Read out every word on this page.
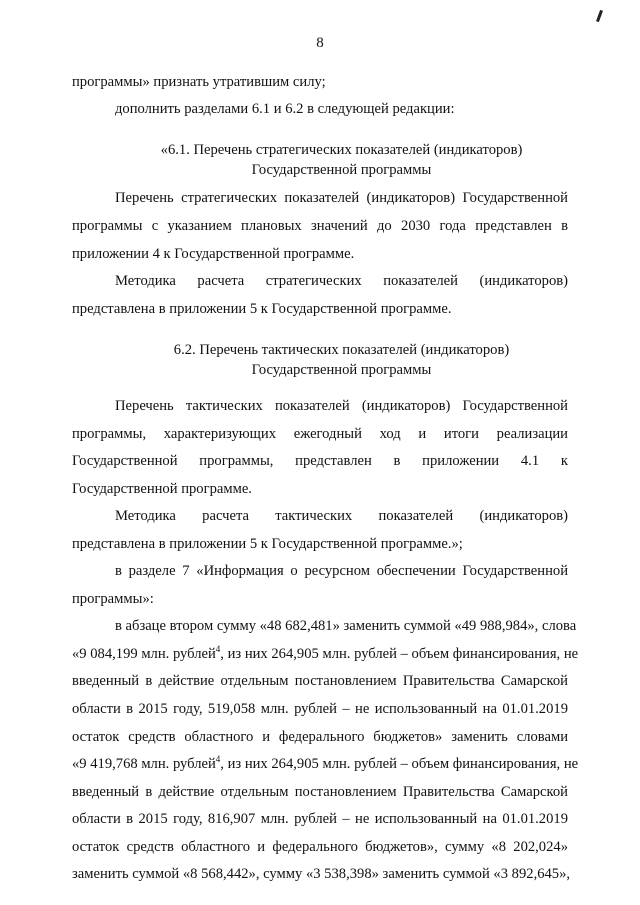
8
программы» признать утратившим силу;
дополнить разделами 6.1 и 6.2 в следующей редакции:
«6.1. Перечень стратегических показателей (индикаторов)
Государственной программы
Перечень стратегических показателей (индикаторов) Государственной
программы с указанием плановых значений до 2030 года представлен в
приложении 4 к Государственной программе.
Методика расчета стратегических показателей (индикаторов)
представлена в приложении 5 к Государственной программе.
6.2. Перечень тактических показателей (индикаторов)
Государственной программы
Перечень тактических показателей (индикаторов) Государственной
программы, характеризующих ежегодный ход и итоги реализации
Государственной программы, представлен в приложении 4.1 к
Государственной программе.
Методика расчета тактических показателей (индикаторов)
представлена в приложении 5 к Государственной программе.»;
в разделе 7 «Информация о ресурсном обеспечении Государственной
программы»:
в абзаце втором сумму «48 682,481» заменить суммой «49 988,984», слова
«9 084,199 млн. рублей$^4$, из них 264,905 млн. рублей – объем финансирования, не
введенный в действие отдельным постановлением Правительства Самарской
области в 2015 году, 519,058 млн. рублей – не использованный на 01.01.2019
остаток средств областного и федерального бюджетов» заменить словами
«9 419,768 млн. рублей$^4$, из них 264,905 млн. рублей – объем финансирования, не
введенный в действие отдельным постановлением Правительства Самарской
области в 2015 году, 816,907 млн. рублей – не использованный на 01.01.2019
остаток средств областного и федерального бюджетов», сумму «8 202,024»
заменить суммой «8 568,442», сумму «3 538,398» заменить суммой «3 892,645»,
